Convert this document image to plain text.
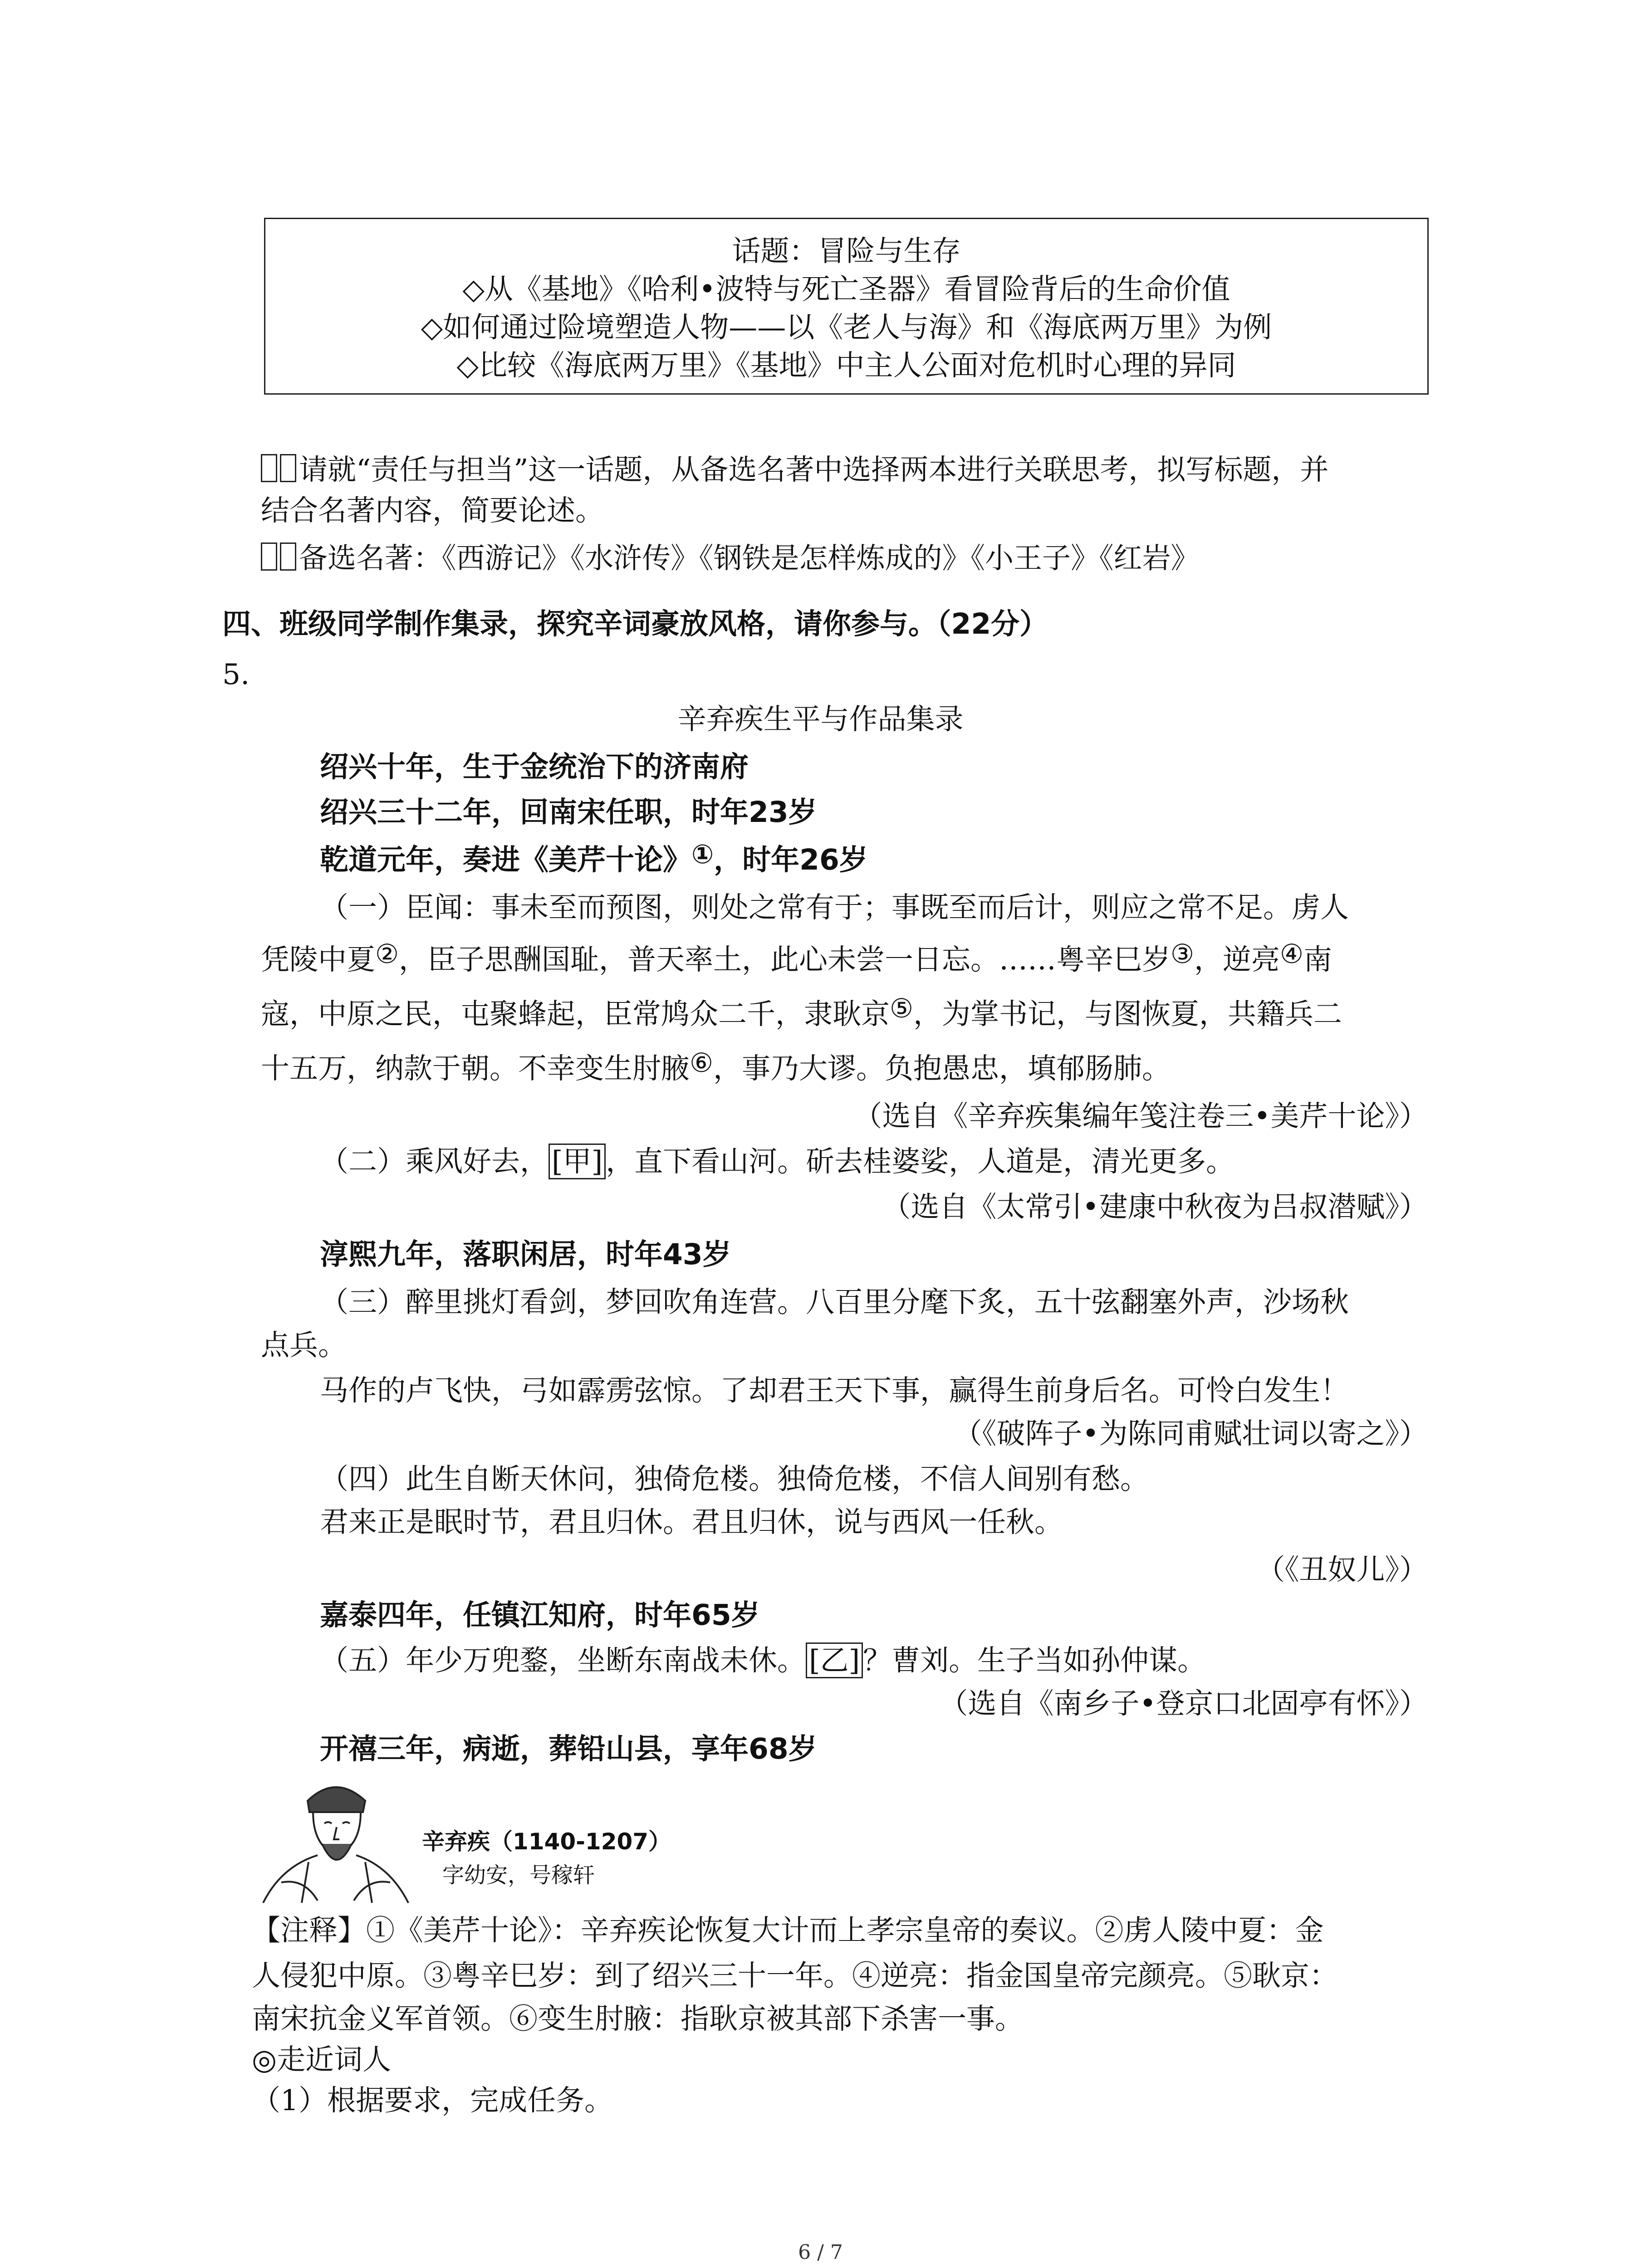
话题：冒险与生存
◇从《基地》《哈利•波特与死亡圣器》看冒险背后的生命价值
◇如何通过险境塑造人物——以《老人与海》和《海底两万里》为例
◇比较《海底两万里》《基地》中主人公面对危机时心理的异同
请就“责任与担当”这一话题，从备选名著中选择两本进行关联思考，拟写标题，并
结合名著内容，简要论述。
备选名著：《西游记》《水浒传》《钢铁是怎样炼成的》《小王子》《红岩》
四、班级同学制作集录，探究辛词豪放风格，请你参与。（22分）
5.
辛弃疾生平与作品集录
绍兴十年，生于金统治下的济南府
绍兴三十二年，回南宋任职，时年23岁
乾道元年，奏进《美芹十论》①，时年26岁
（一）臣闻：事未至而预图，则处之常有于；事既至而后计，则应之常不足。虏人
凭陵中夏②，臣子思酬国耻，普天率土，此心未尝一日忘。……粤辛巳岁③，逆亮④南
寇，中原之民，屯聚蜂起，臣常鸠众二千，隶耿京⑤，为掌书记，与图恢夏，共籍兵二
十五万，纳款于朝。不幸变生肘腋⑥，事乃大谬。负抱愚忠，填郁肠肺。
（选自《辛弃疾集编年笺注卷三•美芹十论》）
（二）乘风好去， [甲] ，直下看山河。斫去桂婆娑，人道是，清光更多。
（选自《太常引•建康中秋夜为吕叔潜赋》）
淳熙九年，落职闲居，时年43岁
（三）醉里挑灯看剑，梦回吹角连营。八百里分麾下炙，五十弦翻塞外声，沙场秋
点兵。
马作的卢飞快，弓如霹雳弦惊。了却君王天下事，赢得生前身后名。可怜白发生！
（《破阵子•为陈同甫赋壮词以寄之》）
（四）此生自断天休问，独倚危楼。独倚危楼，不信人间别有愁。
君来正是眠时节，君且归休。君且归休，说与西风一任秋。
（《丑奴儿》）
嘉泰四年，任镇江知府，时年65岁
（五）年少万兜鍪，坐断东南战未休。 [乙] ？曹刘。生子当如孙仲谋。
（选自《南乡子•登京口北固亭有怀》）
开禧三年，病逝，葬铅山县，享年68岁
辛弃疾（1140-1207）
字幼安，号稼轩
【注释】①《美芹十论》：辛弃疾论恢复大计而上孝宗皇帝的奏议。②虏人陵中夏：金
人侵犯中原。③粤辛巳岁：到了绍兴三十一年。④逆亮：指金国皇帝完颜亮。⑤耿京：
南宋抗金义军首领。⑥变生肘腋：指耿京被其部下杀害一事。
◎走近词人
（1）根据要求，完成任务。
6 / 7
